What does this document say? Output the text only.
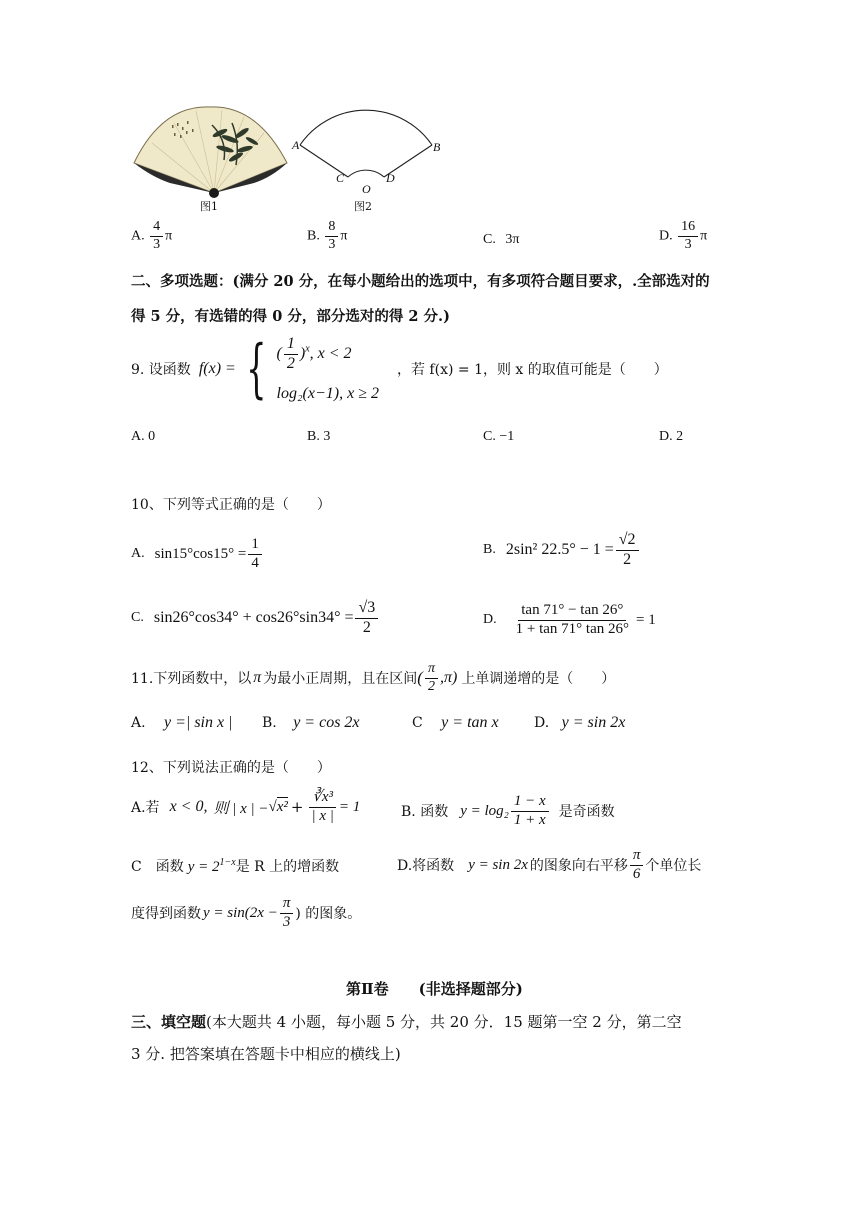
图1
A	B
C	D
O
图2
A. $\frac{4}{3}$ π	B. $\frac{8}{3}$ π	C. 3π	D. $\frac{16}{3}$ π
二、多项选题：(满分 20 分，在每小题给出的选项中，有多项符合题目要求，.全部选对的
得 5 分，有选错的得 0 分，部分选对的得 2 分.)
9. 设函数 f(x) = { ( $\frac{1}{2} )^x$, x < 2
log₂(x−1), x ≥ 2
，若 f(x) = 1，则 x 的取值可能是（　　）
A. 0	B. 3	C. −1	D. 2
10、下列等式正确的是（　　）
A. $\sin 15^\circ\cos 15^\circ = \frac{1}{4}$	B. 2sin² $22.5^\circ - 1 = \frac{√2}{2}$
C. $\sin 26^\circ\cos 34^\circ + \cos 26^\circ\sin 34^\circ = \frac{√3}{2}$	D. $\frac{\tan 71^\circ - \tan 26^\circ}{1 + \tan 71^\circ \tan 26^\circ} = 1$
11.下列函数中，以 π 为最小正周期，且在区间 ( $\frac{\pi}{2} ,\pi$) 上单调递增的是（　　）
A. y =| sin x | B. y = cos 2x	C y = tan x	D. y = sin 2x
12、下列说法正确的是（　　）
A.若 x < 0, 则 | x | − $√x^2 + \frac{\text{∛x³}}{| x |} = 1$	B. 函数 $y = \log_2 \frac{1 - x}{1 + x}$ 是奇函数
C　函数 $y = 2^{1-x}$ 是 R 上的增函数	D.将函数 y = sin 2x 的图象向右平移 $\frac{\pi}{6}$ 个单位长
度得到函数 $y = \sin(2x - \frac{\pi}{3}$ ) 的图象。
第Ⅱ卷　　(非选择题部分)
三、填空题(本大题共 4 小题，每小题 5 分，共 20 分．15 题第一空 2 分，第二空
3 分. 把答案填在答题卡中相应的横线上)
